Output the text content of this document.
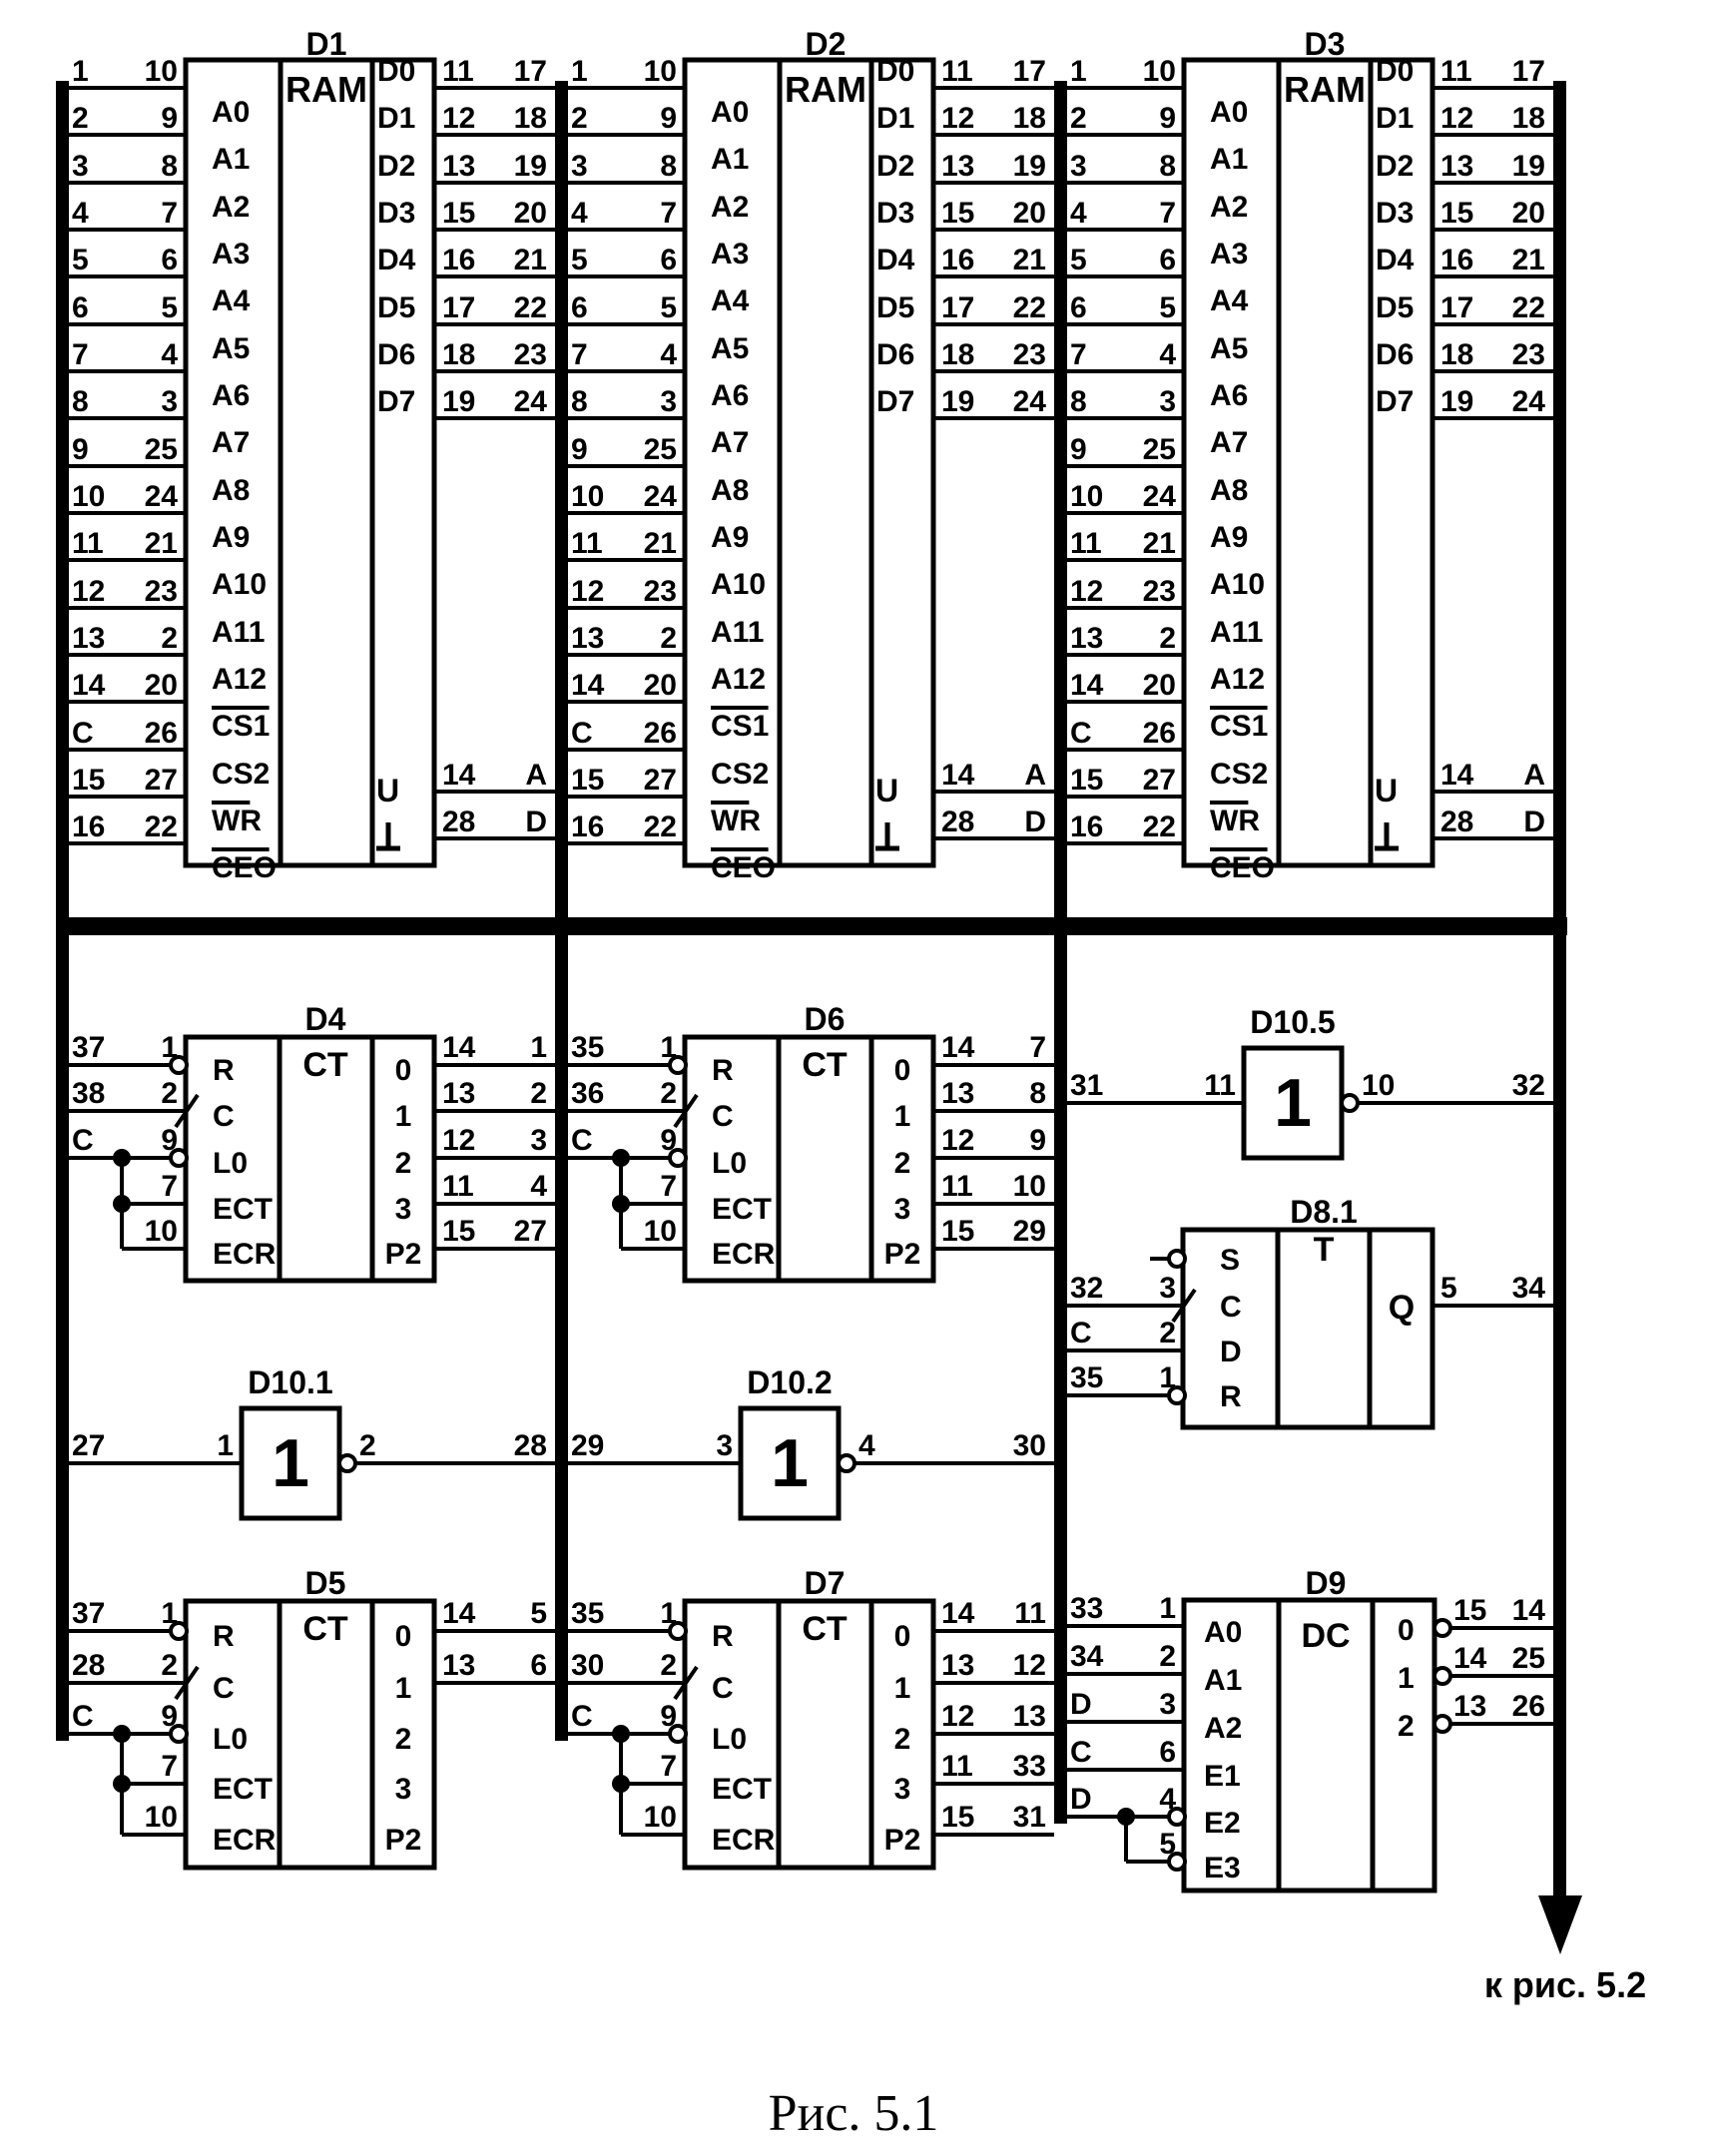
D1
RAM
1 10
A0
2 9
A1
3 8
A2
4 7
A3
5 6
A4
6 5
A5
7 4
A6
8 3
A7
9 25
A8
10 24
A9
11 21
A10
12 23
A11
13 2
A12
14 20
CS1
C 26
CS2
15 27
WR
16 22
CEO
11 17
D0
12 18
D1
13 19
D2
15 20
D3
16 21
D4
17 22
D5
18 23
D6
19 24
D7
14 A
28 D
U
D2
RAM
1 10
A0
2 9
A1
3 8
A2
4 7
A3
5 6
A4
6 5
A5
7 4
A6
8 3
A7
9 25
A8
10 24
A9
11 21
A10
12 23
A11
13 2
A12
14 20
CS1
C 26
CS2
15 27
WR
16 22
CEO
11 17
D0
12 18
D1
13 19
D2
15 20
D3
16 21
D4
17 22
D5
18 23
D6
19 24
D7
14 A
28 D
U
D3
RAM
1 10
A0
2 9
A1
3 8
A2
4 7
A3
5 6
A4
6 5
A5
7 4
A6
8 3
A7
9 25
A8
10 24
A9
11 21
A10
12 23
A11
13 2
A12
14 20
CS1
C 26
CS2
15 27
WR
16 22
CEO
11 17
D0
12 18
D1
13 19
D2
15 20
D3
16 21
D4
17 22
D5
18 23
D6
19 24
D7
14 A
28 D
U
D4
CT
37 1
R
38 2
C
C 9
L0
7
ECT
10
ECR
14 1
13 2
12 3
11 4
15 27
0
1
2
3
P2
D6
CT
35 1
R
36 2
C
C 9
L0
7
ECT
10
ECR
14 7
13 8
12 9
11 10
15 29
0
1
2
3
P2
D5
CT
37 1
R
28 2
C
C 9
L0
7
ECT
10
ECR
14 5
13 6
0
1
2
3
P2
D7
CT
35 1
R
30 2
C
C 9
L0
7
ECT
10
ECR
14 11
13 12
12 13
11 33
15 31
0
1
2
3
P2
D10.1
1
27	1	2	28
D10.2
1
29	3	4	30
D10.5
1
31	11	10	32
D8.1
T
32 3
C 2
35 1
S
C
D
R
Q
5 34
D9
DC
33 1
A0
34 2
A1
D 3
A2
C 6
E1
D 4
E2
5
E3
15 14
0
14 25
1
13 26
2
к рис. 5.2
Рис. 5.1
